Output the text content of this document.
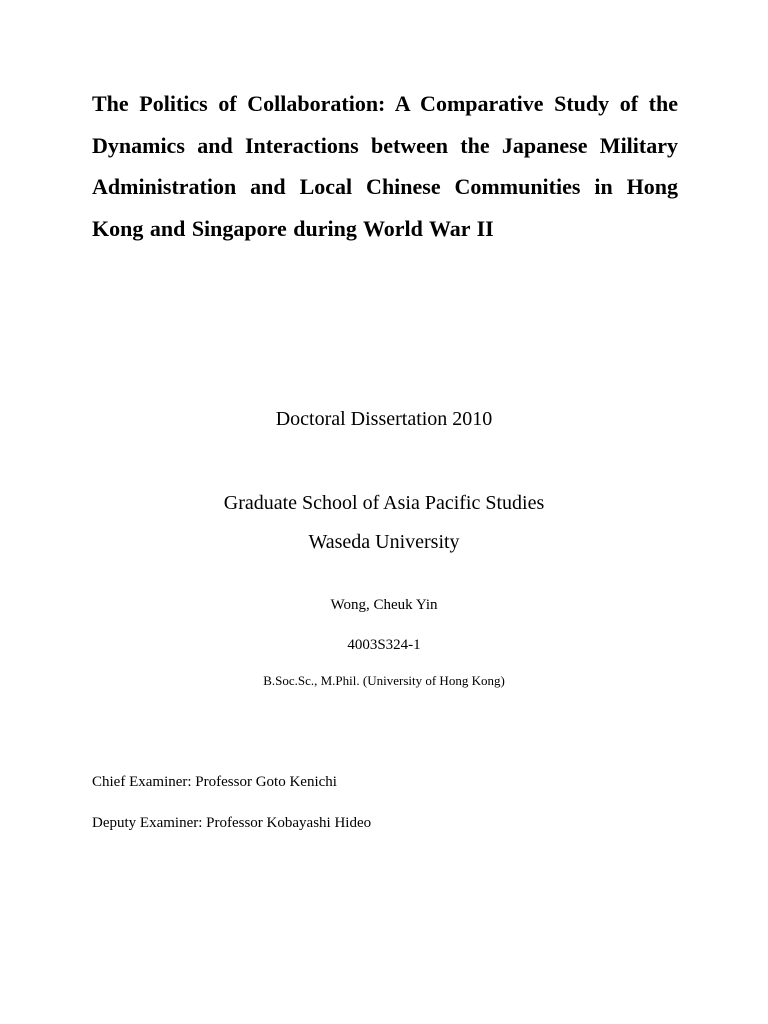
The Politics of Collaboration: A Comparative Study of the Dynamics and Interactions between the Japanese Military Administration and Local Chinese Communities in Hong Kong and Singapore during World War II

Doctoral Dissertation 2010
Graduate School of Asia Pacific Studies
Waseda University
Wong, Cheuk Yin
4003S324-1
B.Soc.Sc., M.Phil. (University of Hong Kong)
Chief Examiner: Professor Goto Kenichi
Deputy Examiner: Professor Kobayashi Hideo
